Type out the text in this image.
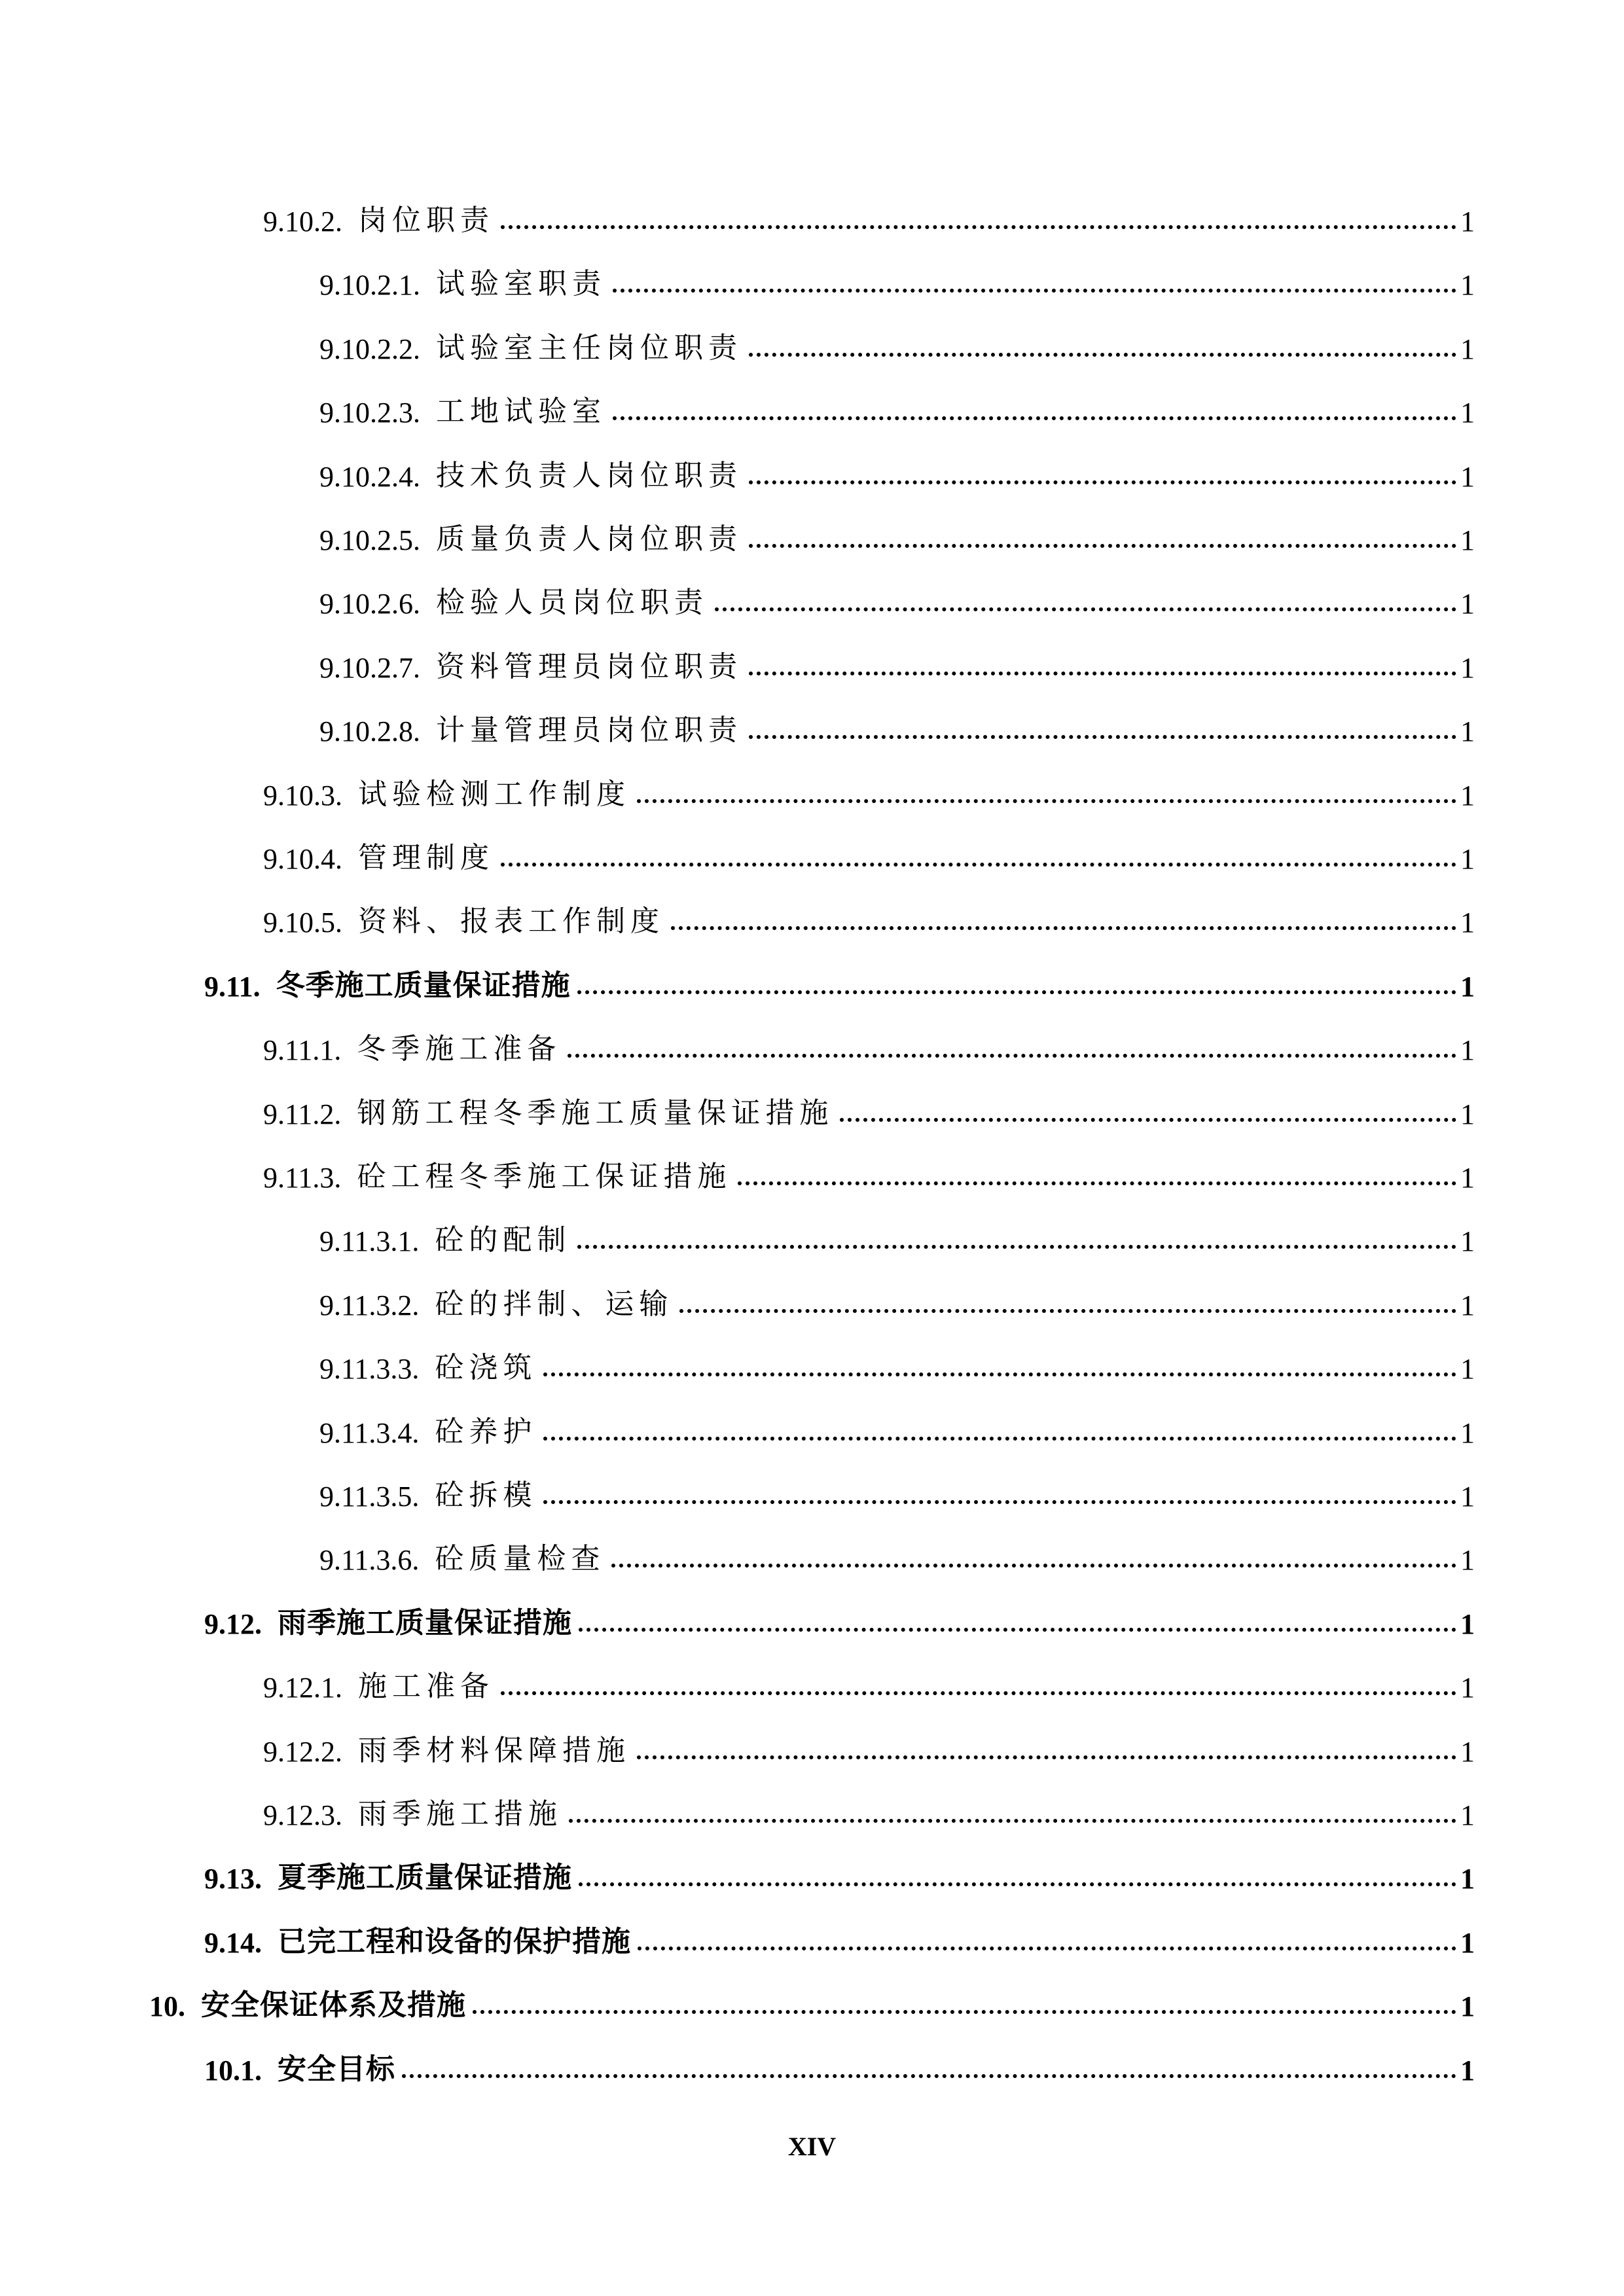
9.10.2. 岗位职责	1
9.10.2.1. 试验室职责	1
9.10.2.2. 试验室主任岗位职责	1
9.10.2.3. 工地试验室	1
9.10.2.4. 技术负责人岗位职责	1
9.10.2.5. 质量负责人岗位职责	1
9.10.2.6. 检验人员岗位职责	1
9.10.2.7. 资料管理员岗位职责	1
9.10.2.8. 计量管理员岗位职责	1
9.10.3. 试验检测工作制度	1
9.10.4. 管理制度	1
9.10.5. 资料、报表工作制度	1
9.11. 冬季施工质量保证措施	1
9.11.1. 冬季施工准备	1
9.11.2. 钢筋工程冬季施工质量保证措施	1
9.11.3. 砼工程冬季施工保证措施	1
9.11.3.1. 砼的配制	1
9.11.3.2. 砼的拌制、运输	1
9.11.3.3. 砼浇筑	1
9.11.3.4. 砼养护	1
9.11.3.5. 砼拆模	1
9.11.3.6. 砼质量检查	1
9.12. 雨季施工质量保证措施	1
9.12.1. 施工准备	1
9.12.2. 雨季材料保障措施	1
9.12.3. 雨季施工措施	1
9.13. 夏季施工质量保证措施	1
9.14. 已完工程和设备的保护措施	1
10. 安全保证体系及措施	1
10.1. 安全目标	1
XIV
